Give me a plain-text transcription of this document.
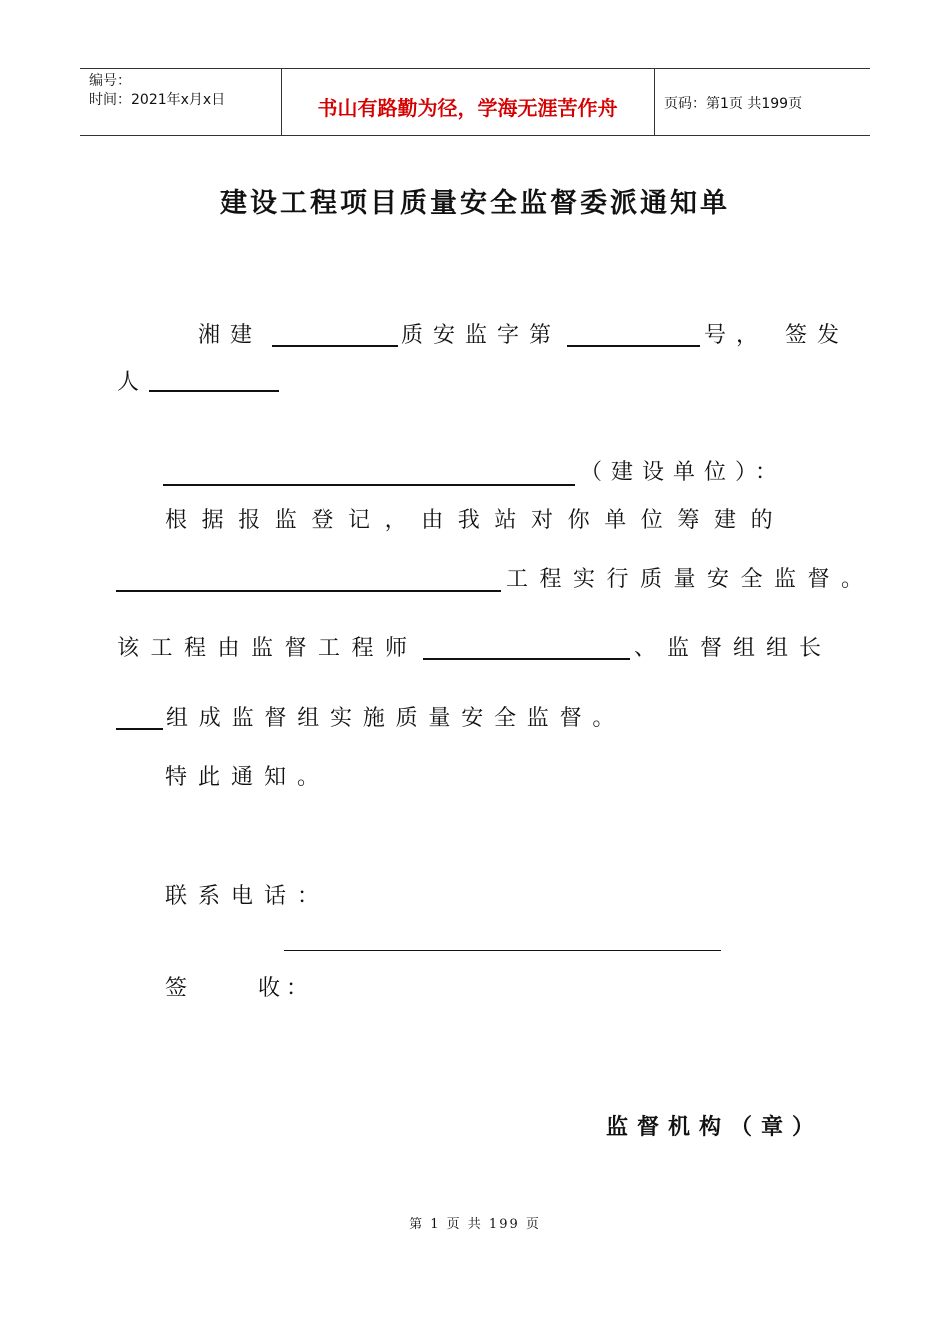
编号：
时间：2021年x月x日	书山有路勤为径，学海无涯苦作舟	页码：第1页 共199页
建设工程项目质量安全监督委派通知单
湘建	质安监字第	号， 签发
人
（建设单位）：
根据报监登记，由我站对你单位筹建的
工程实行质量安全监督。
该工程由监督工程师	、监督组组长
组成监督组实施质量安全监督。
特此通知。
联系电话：
签     收：
监督机构（章）
第 1 页 共 199 页
